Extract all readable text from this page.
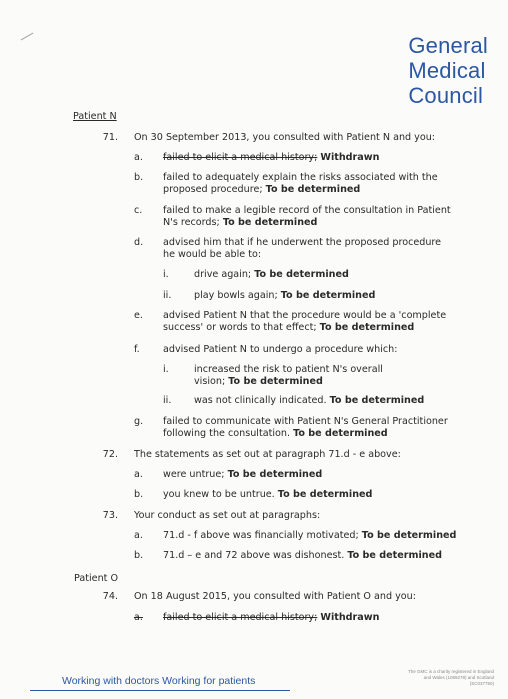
General
Medical
Council
Patient N
71. On 30 September 2013, you consulted with Patient N and you:
a. failed to elicit a medical history; Withdrawn
b. failed to adequately explain the risks associated with the proposed procedure; To be determined
c. failed to make a legible record of the consultation in Patient N's records; To be determined
d. advised him that if he underwent the proposed procedure he would be able to:
i.	drive again; To be determined
ii. play bowls again; To be determined
e. advised Patient N that the procedure would be a 'complete success' or words to that effect; To be determined
f. advised Patient N to undergo a procedure which:
i.	increased the risk to patient N's overall vision; To be determined
ii. was not clinically indicated. To be determined
g. failed to communicate with Patient N's General Practitioner following the consultation. To be determined
72. The statements as set out at paragraph 71.d - e above:
a. were untrue; To be determined
b. you knew to be untrue. To be determined
73. Your conduct as set out at paragraphs:
a. 71.d - f above was financially motivated; To be determined
b. 71.d – e and 72 above was dishonest. To be determined
Patient O
74. On 18 August 2015, you consulted with Patient O and you:
a. failed to elicit a medical history; Withdrawn
Working with doctors Working for patients
The GMC is a charity registered in England and Wales (1089278) and Scotland (SC037750)
